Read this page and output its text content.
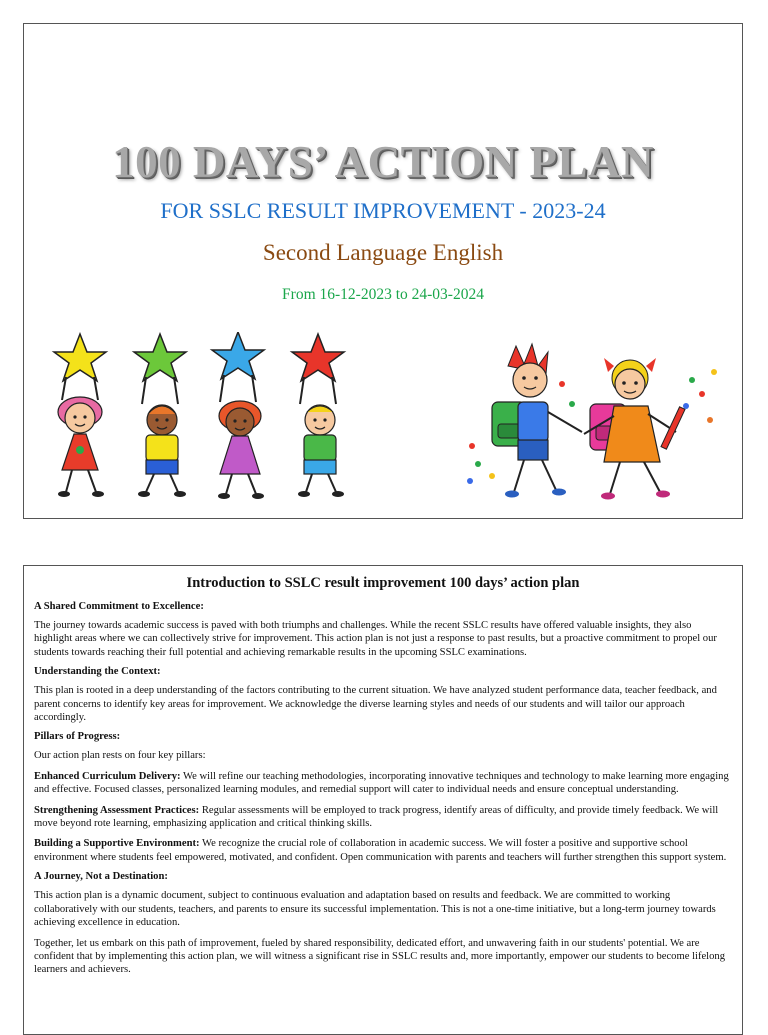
100 DAYS’ ACTION PLAN
FOR SSLC RESULT IMPROVEMENT - 2023-24
Second Language English
From 16-12-2023 to 24-03-2024
Introduction to SSLC result improvement 100 days’ action plan
A Shared Commitment to Excellence:

The journey towards academic success is paved with both triumphs and challenges. While the recent SSLC results have offered valuable insights, they also highlight areas where we can collectively strive for improvement. This action plan is not just a response to past results, but a proactive commitment to propel our students towards reaching their full potential and achieving remarkable results in the upcoming SSLC examinations.

Understanding the Context:

This plan is rooted in a deep understanding of the factors contributing to the current situation. We have analyzed student performance data, teacher feedback, and parent concerns to identify key areas for improvement. We acknowledge the diverse learning styles and needs of our students and will tailor our approach accordingly.

Pillars of Progress:

Our action plan rests on four key pillars:

Enhanced Curriculum Delivery: We will refine our teaching methodologies, incorporating innovative techniques and technology to make learning more engaging and effective. Focused classes, personalized learning modules, and remedial support will cater to individual needs and ensure conceptual understanding.

Strengthening Assessment Practices: Regular assessments will be employed to track progress, identify areas of difficulty, and provide timely feedback. We will move beyond rote learning, emphasizing application and critical thinking skills.

Building a Supportive Environment: We recognize the crucial role of collaboration in academic success. We will foster a positive and supportive school environment where students feel empowered, motivated, and confident. Open communication with parents and teachers will further strengthen this support system.

A Journey, Not a Destination:

This action plan is a dynamic document, subject to continuous evaluation and adaptation based on results and feedback. We are committed to working collaboratively with our students, teachers, and parents to ensure its successful implementation. This is not a one-time initiative, but a long-term journey towards achieving excellence in education.

Together, let us embark on this path of improvement, fueled by shared responsibility, dedicated effort, and unwavering faith in our students' potential. We are confident that by implementing this action plan, we will witness a significant rise in SSLC results and, more importantly, empower our students to become lifelong learners and achievers.
